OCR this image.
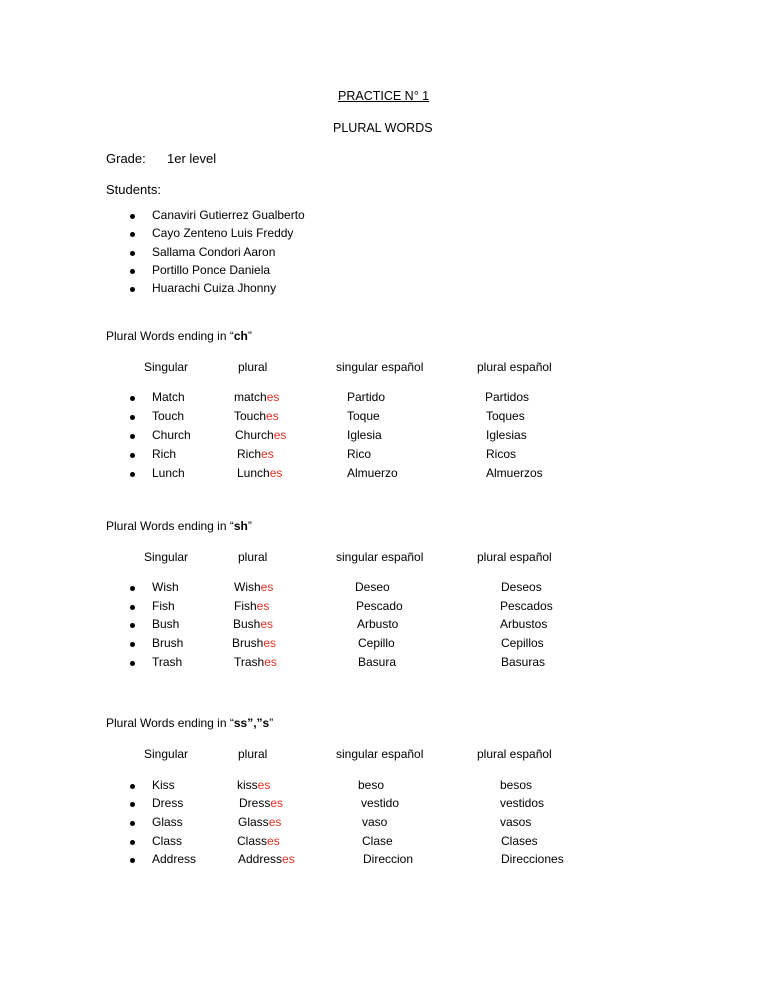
PRACTICE N° 1
PLURAL WORDS
Grade: 1er level
Students:
Canaviri Gutierrez Gualberto
Cayo Zenteno Luis Freddy
Sallama Condori Aaron
Portillo Ponce Daniela
Huarachi Cuiza Jhonny
Plural Words ending in “ch”
Singular	plural	singular español	plural español
Match	matches	Partido	Partidos
Touch	Touches	Toque	Toques
Church	Churches	Iglesia	Iglesias
Rich	Riches	Rico	Ricos
Lunch	Lunches	Almuerzo	Almuerzos
Plural Words ending in “sh”
Singular	plural	singular español	plural español
Wish	Wishes	Deseo	Deseos
Fish	Fishes	Pescado	Pescados
Bush	Bushes	Arbusto	Arbustos
Brush	Brushes	Cepillo	Cepillos
Trash	Trashes	Basura	Basuras
Plural Words ending in “ss”,”s”
Singular	plural	singular español	plural español
Kiss	kisses	beso	besos
Dress	Dresses	vestido	vestidos
Glass	Glasses	vaso	vasos
Class	Classes	Clase	Clases
Address	Addresses	Direccion	Direcciones
